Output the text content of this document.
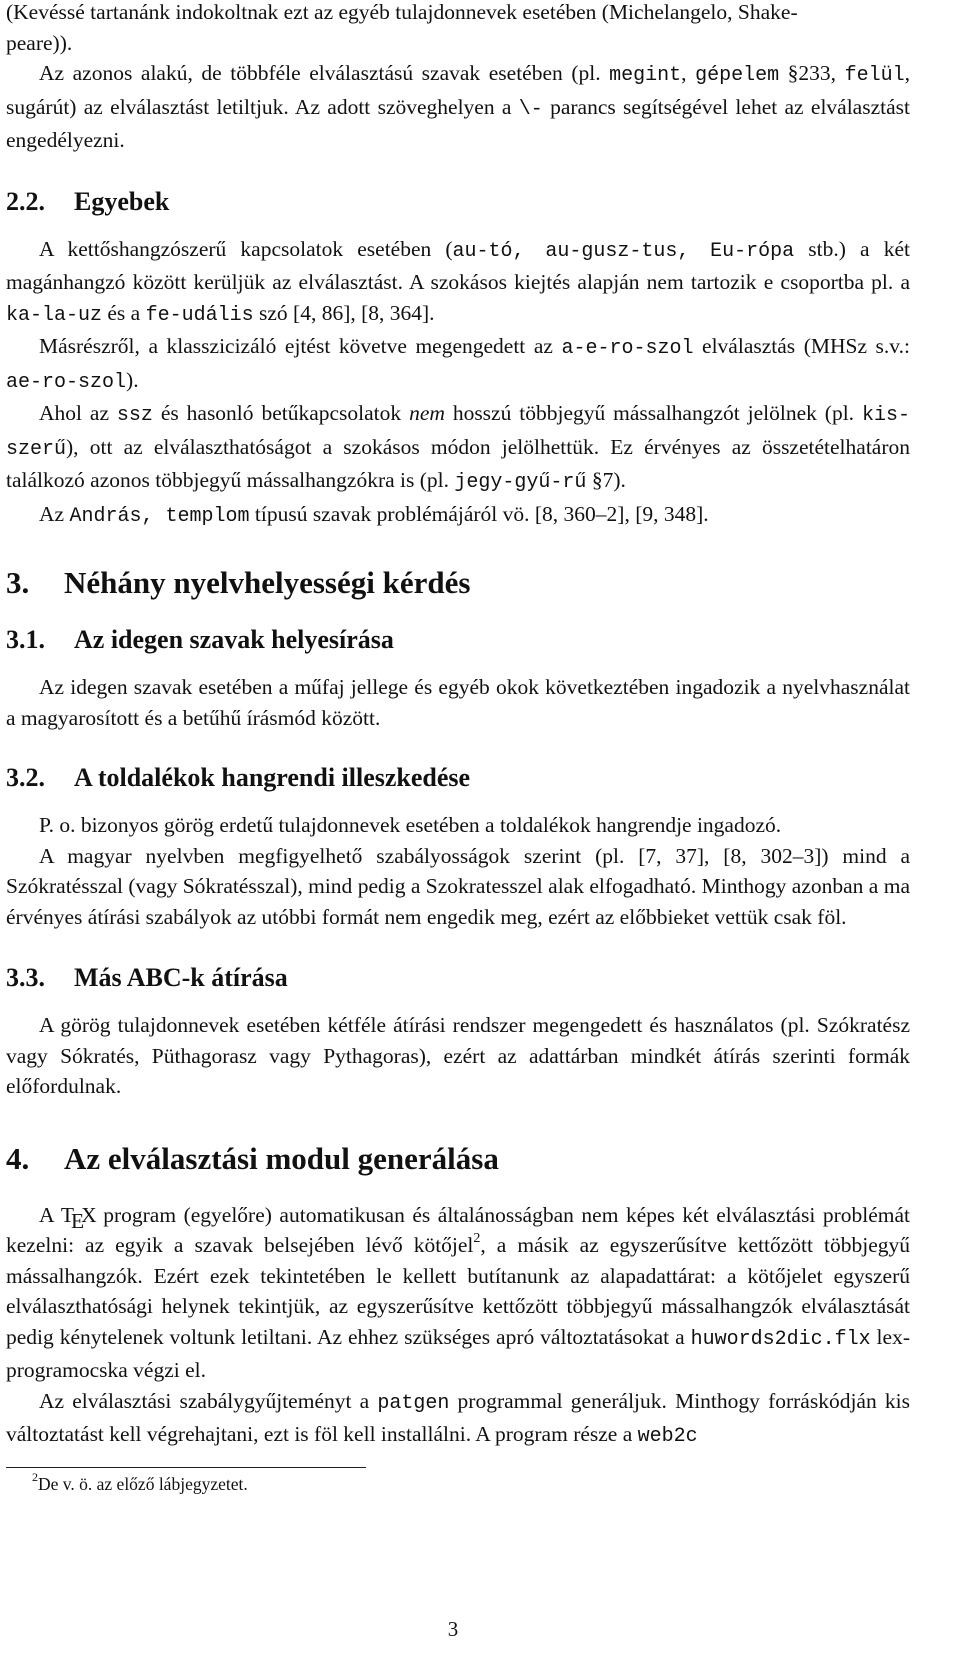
(Kevéssé tartanánk indokoltnak ezt az egyéb tulajdonnevek esetében (Michelangelo, Shake-
peare)).

Az azonos alakú, de többféle elválasztású szavak esetében (pl. megint, gépelem §233, felül, sugárút) az elválasztást letiltjuk. Az adott szöveghelyen a \- parancs segítségével lehet az elválasztást engedélyezni.

2.2.	Egyebek

A kettőshangzószerű kapcsolatok esetében (au-tó, au-gusz-tus, Eu-rópa stb.) a két magánhangzó között kerüljük az elválasztást. A szokásos kiejtés alapján nem tartozik e csoportba pl. a ka-la-uz és a fe-udális szó [4, 86], [8, 364].

Másrészről, a klasszicizáló ejtést követve megengedett az a-e-ro-szol elválasztás (MHSz s.v.: ae-ro-szol).

Ahol az ssz és hasonló betűkapcsolatok nem hosszú többjegyű mássalhangzót jelölnek (pl. kis-szerű), ott az elválaszthatóságot a szokásos módon jelölhettük. Ez érvényes az összetételhatáron találkozó azonos többjegyű mássalhangzókra is (pl. jegy-gyű-rű §7).

Az András, templom típusú szavak problémájáról vö. [8, 360–2], [9, 348].

3.	Néhány nyelvhelyességi kérdés
3.1.	Az idegen szavak helyesírása

Az idegen szavak esetében a műfaj jellege és egyéb okok következtében ingadozik a nyelvhasználat a magyarosított és a betűhű írásmód között.

3.2.	A toldalékok hangrendi illeszkedése

P. o. bizonyos görög erdetű tulajdonnevek esetében a toldalékok hangrendje ingadozó.

A magyar nyelvben megfigyelhető szabályosságok szerint (pl. [7, 37], [8, 302–3]) mind a Szókratésszal (vagy Sókratésszal), mind pedig a Szokratesszel alak elfogadható. Minthogy azonban a ma érvényes átírási szabályok az utóbbi formát nem engedik meg, ezért az előbbieket vettük csak föl.

3.3.	Más ABC-k átírása

A görög tulajdonnevek esetében kétféle átírási rendszer megengedett és használatos (pl. Szókratész vagy Sókratés, Püthagorasz vagy Pythagoras), ezért az adattárban mindkét átírás szerinti formák előfordulnak.

4.	Az elválasztási modul generálása

A TEX program (egyelőre) automatikusan és általánosságban nem képes két elválasztási problémát kezelni: az egyik a szavak belsejében lévő kötőjel$^2$, a másik az egyszerűsítve kettőzött többjegyű mássalhangzók. Ezért ezek tekintetében le kellett butítanunk az alapadattárat: a kötőjelet egyszerű elválaszthatósági helynek tekintjük, az egyszerűsítve kettőzött többjegyű mássalhangzók elválasztását pedig kénytelenek voltunk letiltani. Az ehhez szükséges apró változtatásokat a huwords2dic.flx lex-programocska végzi el.

Az elválasztási szabálygyűjteményt a patgen programmal generáljuk. Minthogy forráskódján kis változtatást kell végrehajtani, ezt is föl kell installálni. A program része a web2c

$^2$De v. ö. az előző lábjegyzetet.
3
